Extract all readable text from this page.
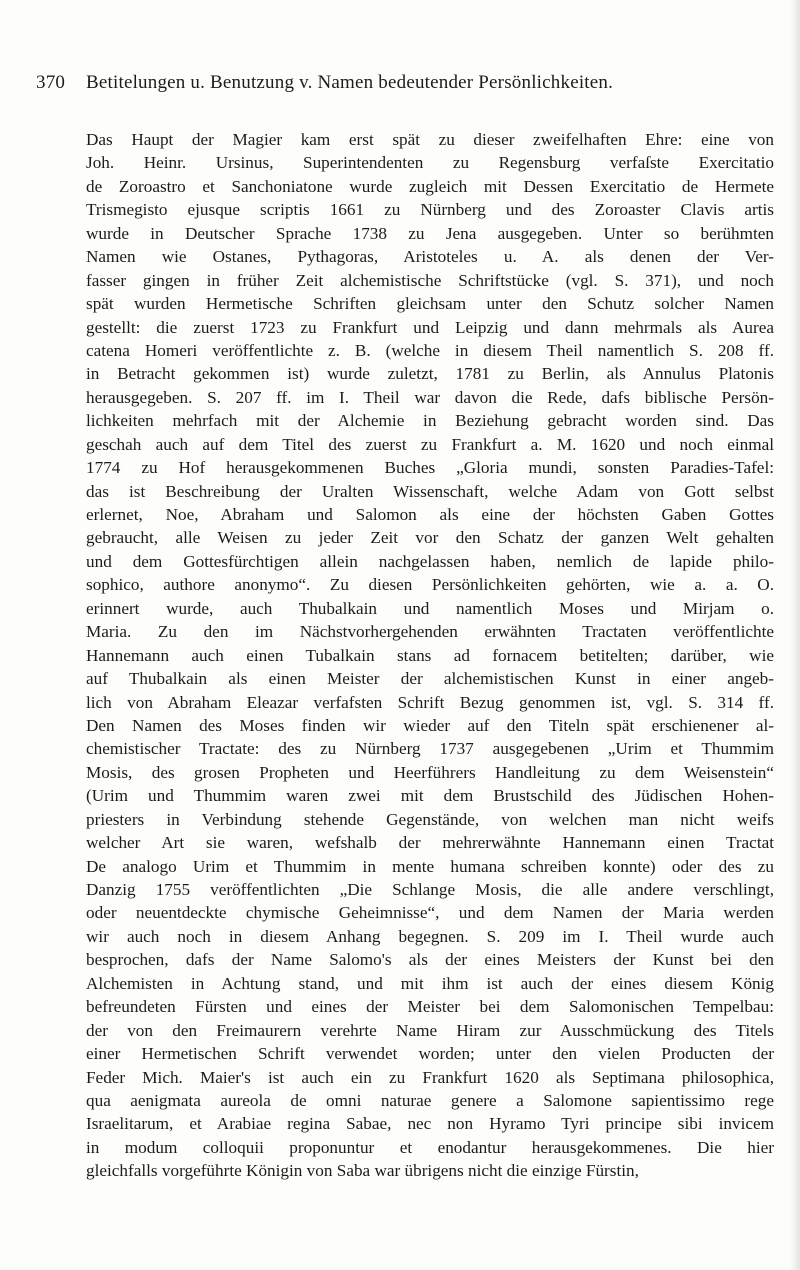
370 Betitelungen u. Benutzung v. Namen bedeutender Persönlichkeiten.
Das Haupt der Magier kam erst spät zu dieser zweifelhaften Ehre: eine von
Joh. Heinr. Ursinus, Superintendenten zu Regensburg verfaſste Exercitatio
de Zoroastro et Sanchoniatone wurde zugleich mit Dessen Exercitatio de Hermete
Trismegisto ejusque scriptis 1661 zu Nürnberg und des Zoroaster Clavis artis
wurde in Deutscher Sprache 1738 zu Jena ausgegeben. Unter so berühmten
Namen wie Ostanes, Pythagoras, Aristoteles u. A. als denen der Ver-
fasser gingen in früher Zeit alchemistische Schriftstücke (vgl. S. 371), und noch
spät wurden Hermetische Schriften gleichsam unter den Schutz solcher Namen
gestellt: die zuerst 1723 zu Frankfurt und Leipzig und dann mehrmals als Aurea
catena Homeri veröffentlichte z. B. (welche in diesem Theil namentlich S. 208 ff.
in Betracht gekommen ist) wurde zuletzt, 1781 zu Berlin, als Annulus Platonis
herausgegeben. S. 207 ff. im I. Theil war davon die Rede, dafs biblische Persön-
lichkeiten mehrfach mit der Alchemie in Beziehung gebracht worden sind. Das
geschah auch auf dem Titel des zuerst zu Frankfurt a. M. 1620 und noch einmal
1774 zu Hof herausgekommenen Buches „Gloria mundi, sonsten Paradies-Tafel:
das ist Beschreibung der Uralten Wissenschaft, welche Adam von Gott selbst
erlernet, Noe, Abraham und Salomon als eine der höchsten Gaben Gottes
gebraucht, alle Weisen zu jeder Zeit vor den Schatz der ganzen Welt gehalten
und dem Gottesfürchtigen allein nachgelassen haben, nemlich de lapide philo-
sophico, authore anonymo“. Zu diesen Persönlichkeiten gehörten, wie a. a. O.
erinnert wurde, auch Thubalkain und namentlich Moses und Mirjam o.
Maria. Zu den im Nächstvorhergehenden erwähnten Tractaten veröffentlichte
Hannemann auch einen Tubalkain stans ad fornacem betitelten; darüber, wie
auf Thubalkain als einen Meister der alchemistischen Kunst in einer angeb-
lich von Abraham Eleazar verfafsten Schrift Bezug genommen ist, vgl. S. 314 ff.
Den Namen des Moses finden wir wieder auf den Titeln spät erschienener al-
chemistischer Tractate: des zu Nürnberg 1737 ausgegebenen „Urim et Thummim
Mosis, des grosen Propheten und Heerführers Handleitung zu dem Weisenstein“
(Urim und Thummim waren zwei mit dem Brustschild des Jüdischen Hohen-
priesters in Verbindung stehende Gegenstände, von welchen man nicht weifs
welcher Art sie waren, wefshalb der mehrerwähnte Hannemann einen Tractat
De analogo Urim et Thummim in mente humana schreiben konnte) oder des zu
Danzig 1755 veröffentlichten „Die Schlange Mosis, die alle andere verschlingt,
oder neuentdeckte chymische Geheimnisse“, und dem Namen der Maria werden
wir auch noch in diesem Anhang begegnen. S. 209 im I. Theil wurde auch
besprochen, dafs der Name Salomo's als der eines Meisters der Kunst bei den
Alchemisten in Achtung stand, und mit ihm ist auch der eines diesem König
befreundeten Fürsten und eines der Meister bei dem Salomonischen Tempelbau:
der von den Freimaurern verehrte Name Hiram zur Ausschmückung des Titels
einer Hermetischen Schrift verwendet worden; unter den vielen Producten der
Feder Mich. Maier's ist auch ein zu Frankfurt 1620 als Septimana philosophica,
qua aenigmata aureola de omni naturae genere a Salomone sapientissimo rege
Israelitarum, et Arabiae regina Sabae, nec non Hyramo Tyri principe sibi invicem
in modum colloquii proponuntur et enodantur herausgekommenes. Die hier
gleichfalls vorgeführte Königin von Saba war übrigens nicht die einzige Fürstin,
